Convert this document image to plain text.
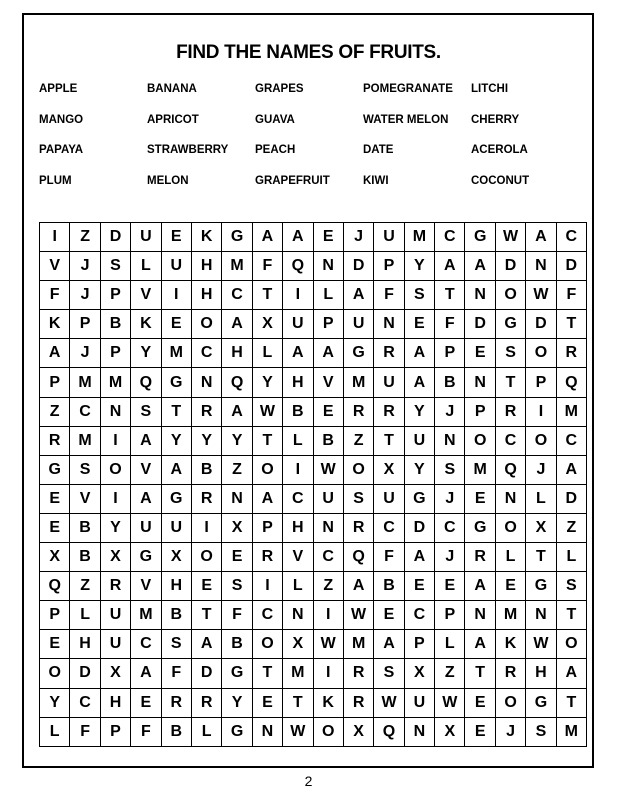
FIND THE NAMES OF FRUITS.
APPLE	BANANA	GRAPES	POMEGRANATE	LITCHI
MANGO	APRICOT	GUAVA	WATER MELON	CHERRY
PAPAYA	STRAWBERRY	PEACH	DATE	ACEROLA
PLUM	MELON	GRAPEFRUIT	KIWI	COCONUT
I	Z	D	U	E	K	G	A	A	E	J	U	M	C	G	W	A	C
V	J	S	L	U	H	M	F	Q	N	D	P	Y	A	A	D	N	D
F	J	P	V	I	H	C	T	I	L	A	F	S	T	N	O	W	F
K	P	B	K	E	O	A	X	U	P	U	N	E	F	D	G	D	T
A	J	P	Y	M	C	H	L	A	A	G	R	A	P	E	S	O	R
P	M	M	Q	G	N	Q	Y	H	V	M	U	A	B	N	T	P	Q
Z	C	N	S	T	R	A	W	B	E	R	R	Y	J	P	R	I	M
R	M	I	A	Y	Y	Y	T	L	B	Z	T	U	N	O	C	O	C
G	S	O	V	A	B	Z	O	I	W	O	X	Y	S	M	Q	J	A
E	V	I	A	G	R	N	A	C	U	S	U	G	J	E	N	L	D
E	B	Y	U	U	I	X	P	H	N	R	C	D	C	G	O	X	Z
X	B	X	G	X	O	E	R	V	C	Q	F	A	J	R	L	T	L
Q	Z	R	V	H	E	S	I	L	Z	A	B	E	E	A	E	G	S
P	L	U	M	B	T	F	C	N	I	W	E	C	P	N	M	N	T
E	H	U	C	S	A	B	O	X	W	M	A	P	L	A	K	W	O
O	D	X	A	F	D	G	T	M	I	R	S	X	Z	T	R	H	A
Y	C	H	E	R	R	Y	E	T	K	R	W	U	W	E	O	G	T
L	F	P	F	B	L	G	N	W	O	X	Q	N	X	E	J	S	M
2
